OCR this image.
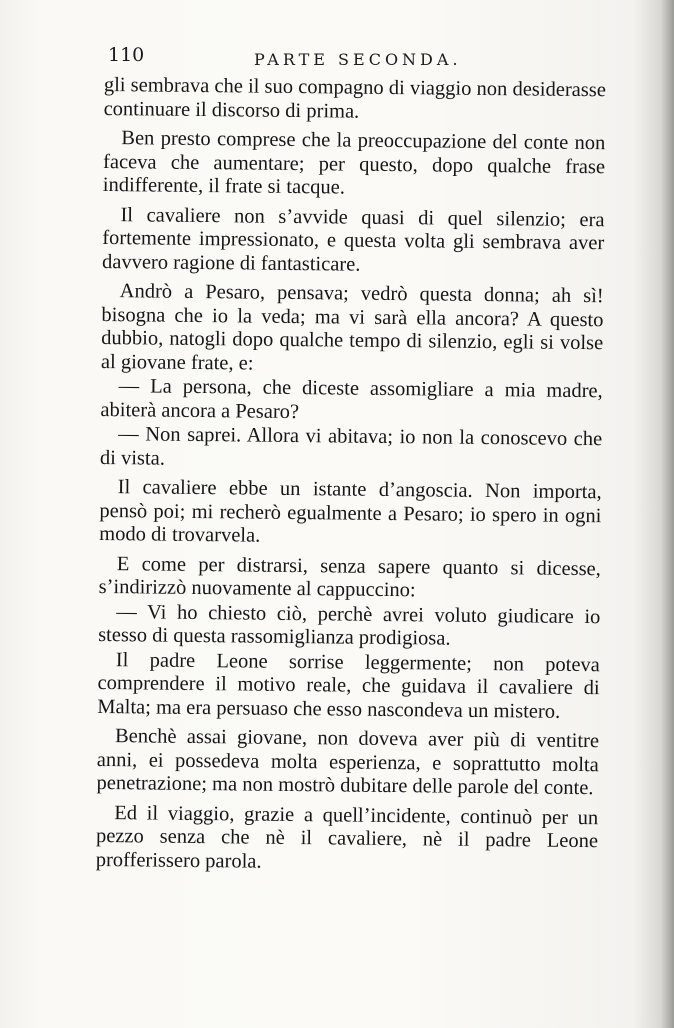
110	PARTE SECONDA.

gli sembrava che il suo compagno di viaggio non desiderasse continuare il discorso di prima.

Ben presto comprese che la preoccupazione del conte non faceva che aumentare; per questo, dopo qualche frase indifferente, il frate si tacque.

Il cavaliere non s’avvide quasi di quel silenzio; era fortemente impressionato, e questa volta gli sembrava aver davvero ragione di fantasticare.

Andrò a Pesaro, pensava; vedrò questa donna; ah sì! bisogna che io la veda; ma vi sarà ella ancora? A questo dubbio, natogli dopo qualche tempo di silenzio, egli si volse al giovane frate, e:

— La persona, che diceste assomigliare a mia madre, abiterà ancora a Pesaro?

— Non saprei. Allora vi abitava; io non la conoscevo che di vista.

Il cavaliere ebbe un istante d’angoscia. Non importa, pensò poi; mi recherò egualmente a Pesaro; io spero in ogni modo di trovarvela.

E come per distrarsi, senza sapere quanto si dicesse, s’indirizzò nuovamente al cappuccino:

— Vi ho chiesto ciò, perchè avrei voluto giudicare io stesso di questa rassomiglianza prodigiosa.

Il padre Leone sorrise leggermente; non poteva comprendere il motivo reale, che guidava il cavaliere di Malta; ma era persuaso che esso nascondeva un mistero.

Benchè assai giovane, non doveva aver più di ventitre anni, ei possedeva molta esperienza, e soprattutto molta penetrazione; ma non mostrò dubitare delle parole del conte.

Ed il viaggio, grazie a quell’incidente, continuò per un pezzo senza che nè il cavaliere, nè il padre Leone profferissero parola.
